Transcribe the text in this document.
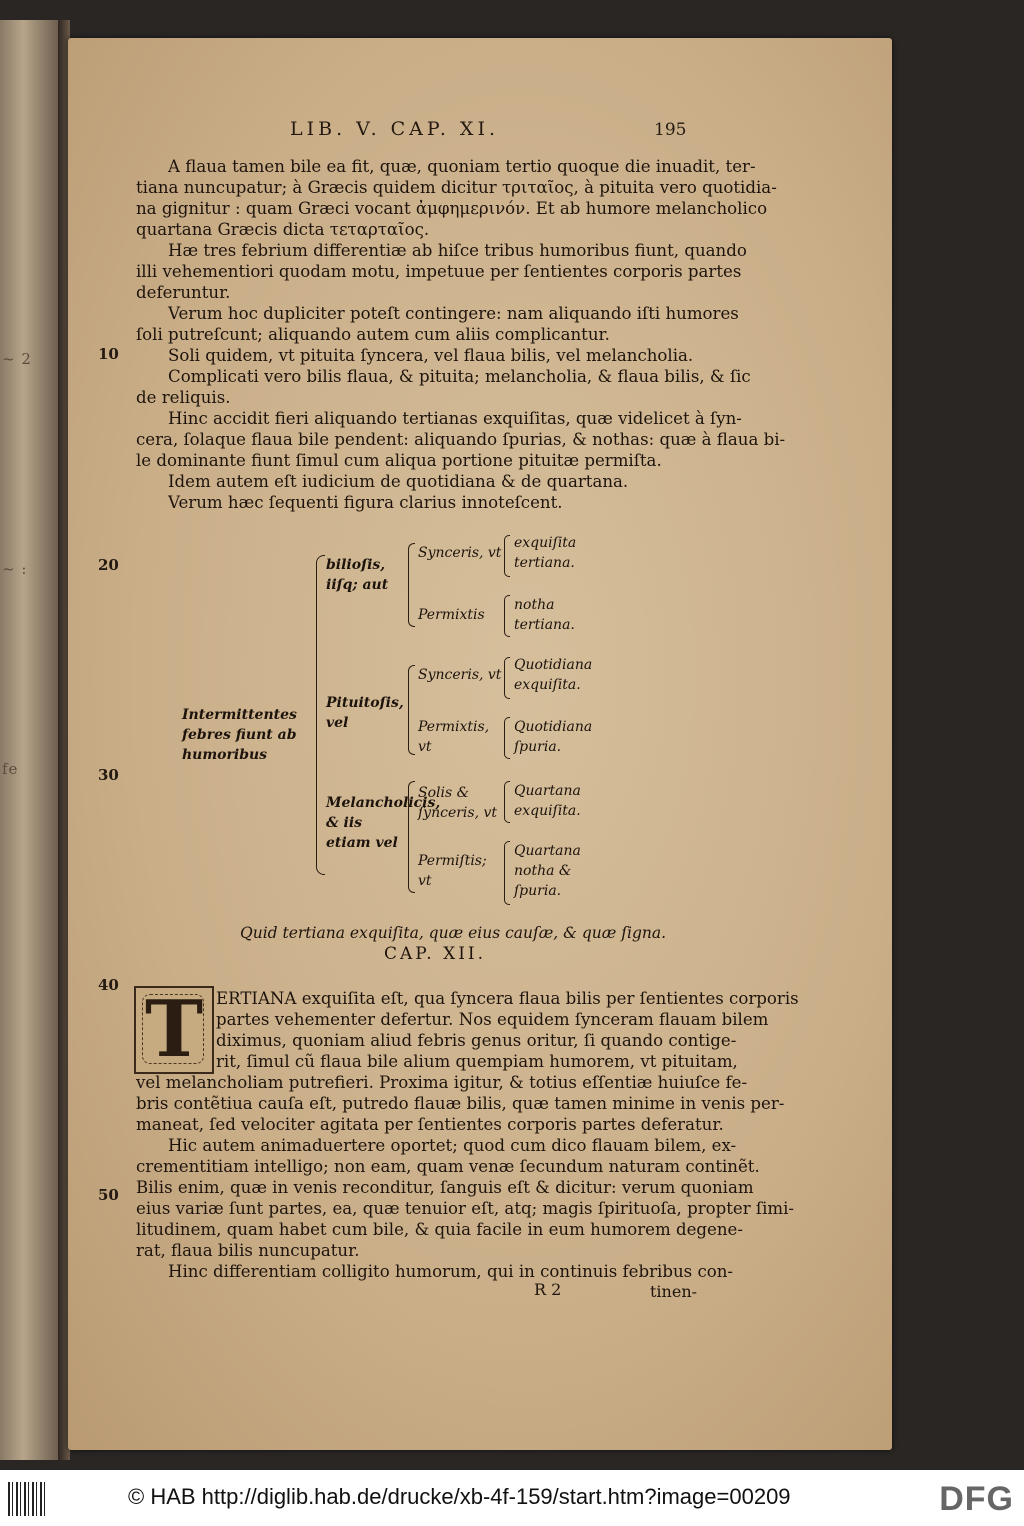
~ 2
~ :
fe
LIB. V. CAP. XI.	195
10
20
30
40
50
A flaua tamen bile ea fit, quæ, quoniam tertio quoque die inuadit, ter-
tiana nuncupatur; à Græcis quidem dicitur τριταῖος, à pituita vero quotidia-
na gignitur : quam Græci vocant ἀμφημερινόν. Et ab humore melancholico
quartana Græcis dicta τεταρταῖος.
Hæ tres febrium differentiæ ab hiſce tribus humoribus fiunt, quando
illi vehementiori quodam motu, impetuue per ſentientes corporis partes
deferuntur.
Verum hoc dupliciter poteſt contingere: nam aliquando iſti humores
ſoli putreſcunt; aliquando autem cum aliis complicantur.
Soli quidem, vt pituita ſyncera, vel flaua bilis, vel melancholia.
Complicati vero bilis flaua, & pituita; melancholia, & flaua bilis, & ſic
de reliquis.
Hinc accidit fieri aliquando tertianas exquiſitas, quæ videlicet à ſyn-
cera, ſolaque flaua bile pendent: aliquando ſpurias, & nothas: quæ à flaua bi-
le dominante fiunt ſimul cum aliqua portione pituitæ permiſta.
Idem autem eſt iudicium de quotidiana & de quartana.
Verum hæc ſequenti figura clarius innoteſcent.
Intermittentes febres fiunt ab humoribus
bilioſis, iiſq; aut
Synceris, vt
Permixtis
exquiſita tertiana.
notha tertiana.
Pituitoſis, vel
Synceris, vt
Permixtis, vt
Quotidiana exquiſita.
Quotidiana ſpuria.
Melancholicis, & iis etiam vel
Solis & ſynceris, vt
Permiſtis; vt
Quartana exquiſita.
Quartana notha & ſpuria.
Quid tertiana exquiſita, quæ eius cauſæ, & quæ ſigna.
CAP. XII.
T ERTIANA exquiſita eſt, qua ſyncera flaua bilis per ſentientes corporis
partes vehementer defertur. Nos equidem ſynceram flauam bilem
diximus, quoniam aliud febris genus oritur, ſi quando contige-
rit, ſimul cũ flaua bile alium quempiam humorem, vt pituitam,
vel melancholiam putrefieri. Proxima igitur, & totius eſſentiæ huiuſce fe-
bris contẽtiua cauſa eſt, putredo flauæ bilis, quæ tamen minime in venis per-
maneat, ſed velociter agitata per ſentientes corporis partes deferatur.
Hic autem animaduertere oportet; quod cum dico flauam bilem, ex-
crementitiam intelligo; non eam, quam venæ ſecundum naturam continẽt.
Bilis enim, quæ in venis reconditur, ſanguis eſt & dicitur: verum quoniam
eius variæ ſunt partes, ea, quæ tenuior eſt, atq; magis ſpirituoſa, propter ſimi-
litudinem, quam habet cum bile, & quia facile in eum humorem degene-
rat, flaua bilis nuncupatur.
Hinc differentiam colligito humorum, qui in continuis febribus con-
R 2	tinen-
© HAB http://diglib.hab.de/drucke/xb-4f-159/start.htm?image=00209	DFG
